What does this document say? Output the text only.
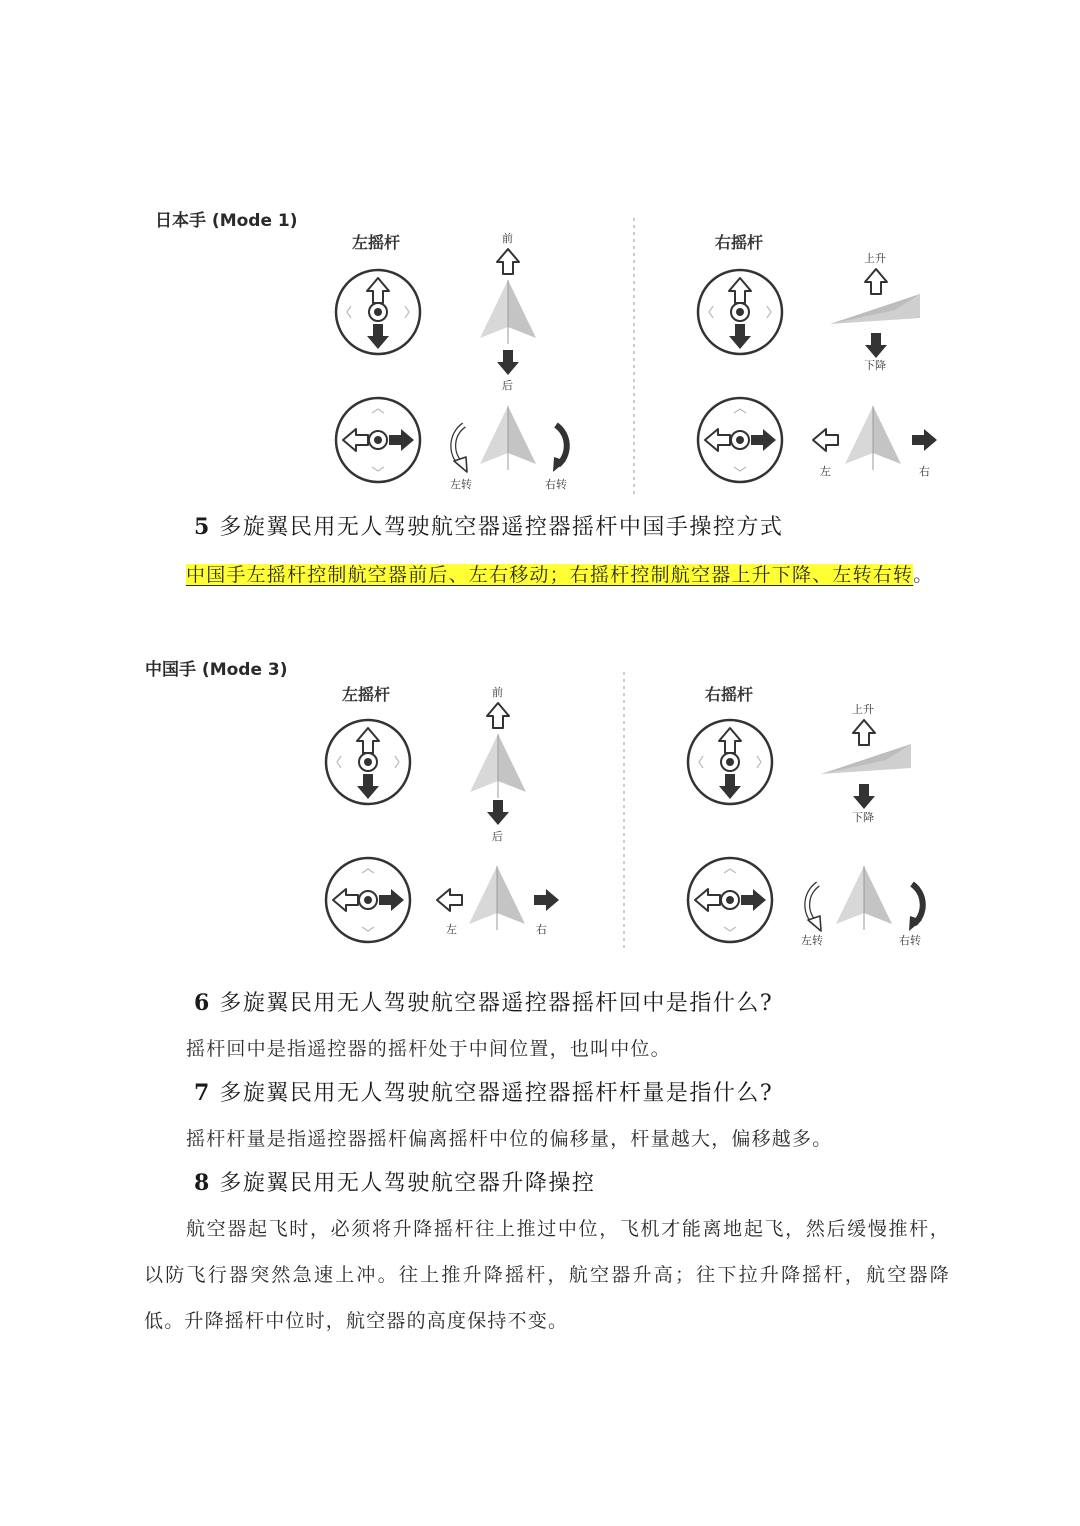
日本手 (Mode 1)
左摇杆	右摇杆
前
后
左转	右转
上升
下降
左	右
5 多旋翼民用无人驾驶航空器遥控器摇杆中国手操控方式
中国手左摇杆控制航空器前后、左右移动；右摇杆控制航空器上升下降、左转右转。
中国手 (Mode 3)
左摇杆	右摇杆
前
后
左	右
上升
下降
左转	右转
6 多旋翼民用无人驾驶航空器遥控器摇杆回中是指什么?
摇杆回中是指遥控器的摇杆处于中间位置，也叫中位。
7 多旋翼民用无人驾驶航空器遥控器摇杆杆量是指什么?
摇杆杆量是指遥控器摇杆偏离摇杆中位的偏移量，杆量越大，偏移越多。
8 多旋翼民用无人驾驶航空器升降操控
航空器起飞时，必须将升降摇杆往上推过中位，飞机才能离地起飞，然后缓慢推杆，以防飞行器突然急速上冲。往上推升降摇杆，航空器升高；往下拉升降摇杆，航空器降低。升降摇杆中位时，航空器的高度保持不变。
